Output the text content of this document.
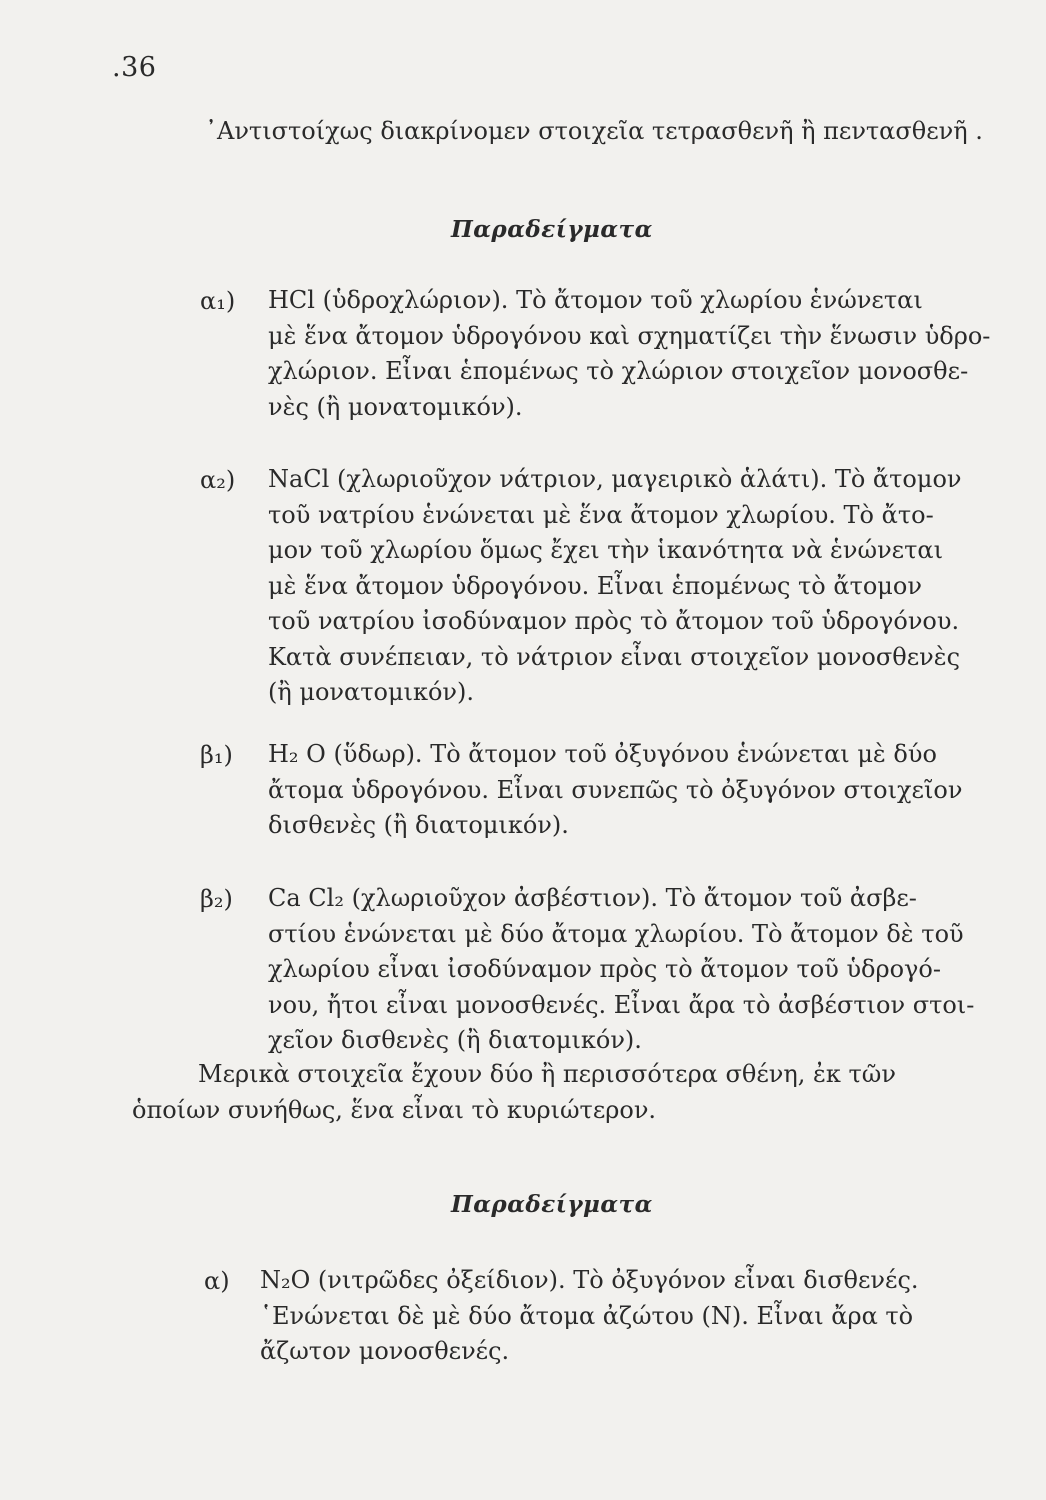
.36
᾿Αντιστοίχως διακρίνομεν στοιχεῖα τετρασθενῆ ἢ πεντασθενῆ .
Παραδείγματα
α₁) HCl (ὑδροχλώριον). Τὸ ἄτομον τοῦ χλωρίου ἑνώνεται
μὲ ἕνα ἄτομον ὑδρογόνου καὶ σχηματίζει τὴν ἕνωσιν ὑδρο-
χλώριον. Εἶναι ἑπομένως τὸ χλώριον στοιχεῖον μονοσθε-
νὲς (ἢ μονατομικόν).
α₂) NaCl (χλωριοῦχον νάτριον, μαγειρικὸ ἁλάτι). Τὸ ἄτομον
τοῦ νατρίου ἑνώνεται μὲ ἕνα ἄτομον χλωρίου. Τὸ ἄτο-
μον τοῦ χλωρίου ὅμως ἔχει τὴν ἱκανότητα νὰ ἑνώνεται
μὲ ἕνα ἄτομον ὑδρογόνου. Εἶναι ἑπομένως τὸ ἄτομον
τοῦ νατρίου ἰσοδύναμον πρὸς τὸ ἄτομον τοῦ ὑδρογόνου.
Κατὰ συνέπειαν, τὸ νάτριον εἶναι στοιχεῖον μονοσθενὲς
(ἢ μονατομικόν).
β₁) H₂ O (ὕδωρ). Τὸ ἄτομον τοῦ ὀξυγόνου ἑνώνεται μὲ δύο
ἄτομα ὑδρογόνου. Εἶναι συνεπῶς τὸ ὀξυγόνον στοιχεῖον
δισθενὲς (ἢ διατομικόν).
β₂) Ca Cl₂ (χλωριοῦχον ἀσβέστιον). Τὸ ἄτομον τοῦ ἀσβε-
στίου ἑνώνεται μὲ δύο ἄτομα χλωρίου. Τὸ ἄτομον δὲ τοῦ
χλωρίου εἶναι ἰσοδύναμον πρὸς τὸ ἄτομον τοῦ ὑδρογό-
νου, ἤτοι εἶναι μονοσθενές. Εἶναι ἄρα τὸ ἀσβέστιον στοι-
χεῖον δισθενὲς (ἢ διατομικόν).
Μερικὰ στοιχεῖα ἔχουν δύο ἢ περισσότερα σθένη, ἐκ τῶν
ὁποίων συνήθως, ἕνα εἶναι τὸ κυριώτερον.
Παραδείγματα
α) N₂O (νιτρῶδες ὀξείδιον). Τὸ ὀξυγόνον εἶναι δισθενές.
῾Ενώνεται δὲ μὲ δύο ἄτομα ἀζώτου (N). Εἶναι ἄρα τὸ
ἄζωτον μονοσθενές.
